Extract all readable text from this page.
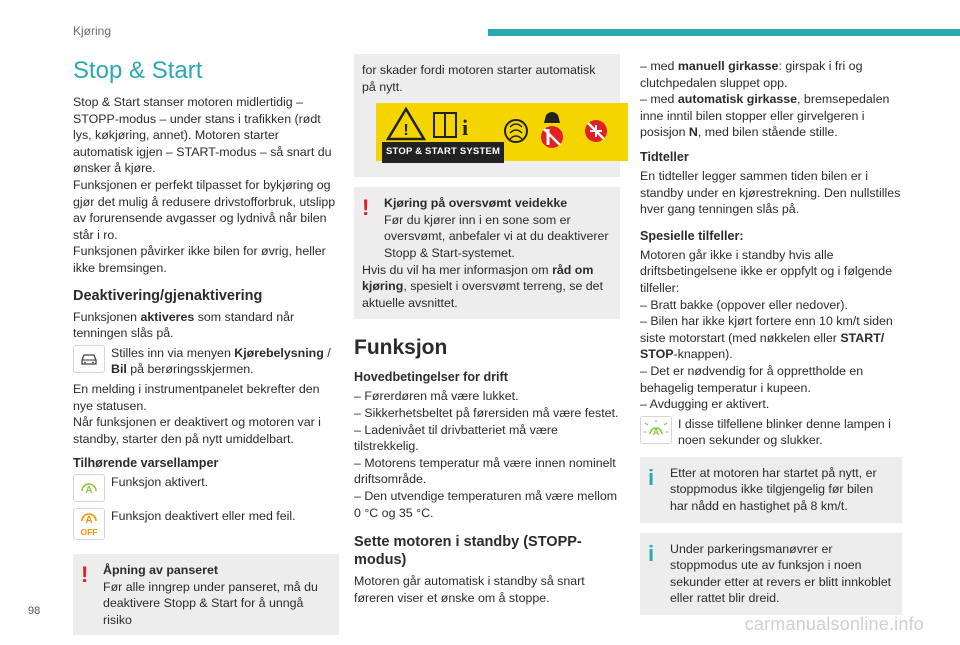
Kjøring
Stop & Start

Stop & Start stanser motoren midlertidig – STOPP-modus – under stans i trafikken (rødt lys, køkjøring, annet). Motoren starter automatisk igjen – START-modus – så snart du ønsker å kjøre.

Funksjonen er perfekt tilpasset for bykjøring og gjør det mulig å redusere drivstofforbruk, utslipp av forurensende avgasser og lydnivå når bilen står i ro.

Funksjonen påvirker ikke bilen for øvrig, heller ikke bremsingen.

Deaktivering/gjenaktivering

Funksjonen aktiveres som standard når tenningen slås på.

Stilles inn via menyen Kjørebelysning / Bil på berøringsskjermen.

En melding i instrumentpanelet bekrefter den nye statusen.

Når funksjonen er deaktivert og motoren var i standby, starter den på nytt umiddelbart.

Tilhørende varsellamper
A
Funksjon aktivert.
A
OFF
Funksjon deaktivert eller med feil.
!	Åpning av panseret
Før alle inngrep under panseret, må du deaktivere Stopp & Start for å unngå risiko

for skader fordi motoren starter automatisk på nytt.

! i
STOP & START SYSTEM
!	Kjøring på oversvømt veidekke
Før du kjører inn i en sone som er oversvømt, anbefaler vi at du deaktiverer Stopp & Start-systemet.

Hvis du vil ha mer informasjon om råd om kjøring, spesielt i oversvømt terreng, se det aktuelle avsnittet.

Funksjon
Hovedbetingelser for drift

– Førerdøren må være lukket.

– Sikkerhetsbeltet på førersiden må være festet.

– Ladenivået til drivbatteriet må være tilstrekkelig.

– Motorens temperatur må være innen nominelt driftsområde.

– Den utvendige temperaturen må være mellom 0 °C og 35 °C.

Sette motoren i standby (STOPP-modus)

Motoren går automatisk i standby så snart føreren viser et ønske om å stoppe.

– med manuell girkasse: girspak i fri og clutchpedalen sluppet opp.

– med automatisk girkasse, bremsepedalen inne inntil bilen stopper eller girvelgeren i posisjon N, med bilen stående stille.

Tidteller

En tidteller legger sammen tiden bilen er i standby under en kjørestrekning. Den nullstilles hver gang tenningen slås på.

Spesielle tilfeller:

Motoren går ikke i standby hvis alle driftsbetingelsene ikke er oppfylt og i følgende tilfeller:

– Bratt bakke (oppover eller nedover).

– Bilen har ikke kjørt fortere enn 10 km/t siden siste motorstart (med nøkkelen eller START/ STOP-knappen).

– Det er nødvendig for å opprettholde en behagelig temperatur i kupeen.

– Avdugging er aktivert.

A
I disse tilfellene blinker denne lampen i noen sekunder og slukker.
i	Etter at motoren har startet på nytt, er stoppmodus ikke tilgjengelig før bilen har nådd en hastighet på 8 km/t.
i	Under parkeringsmanøvrer er stoppmodus ute av funksjon i noen sekunder etter at revers er blitt innkoblet eller rattet blir dreid.
98
carmanualsonline.info
